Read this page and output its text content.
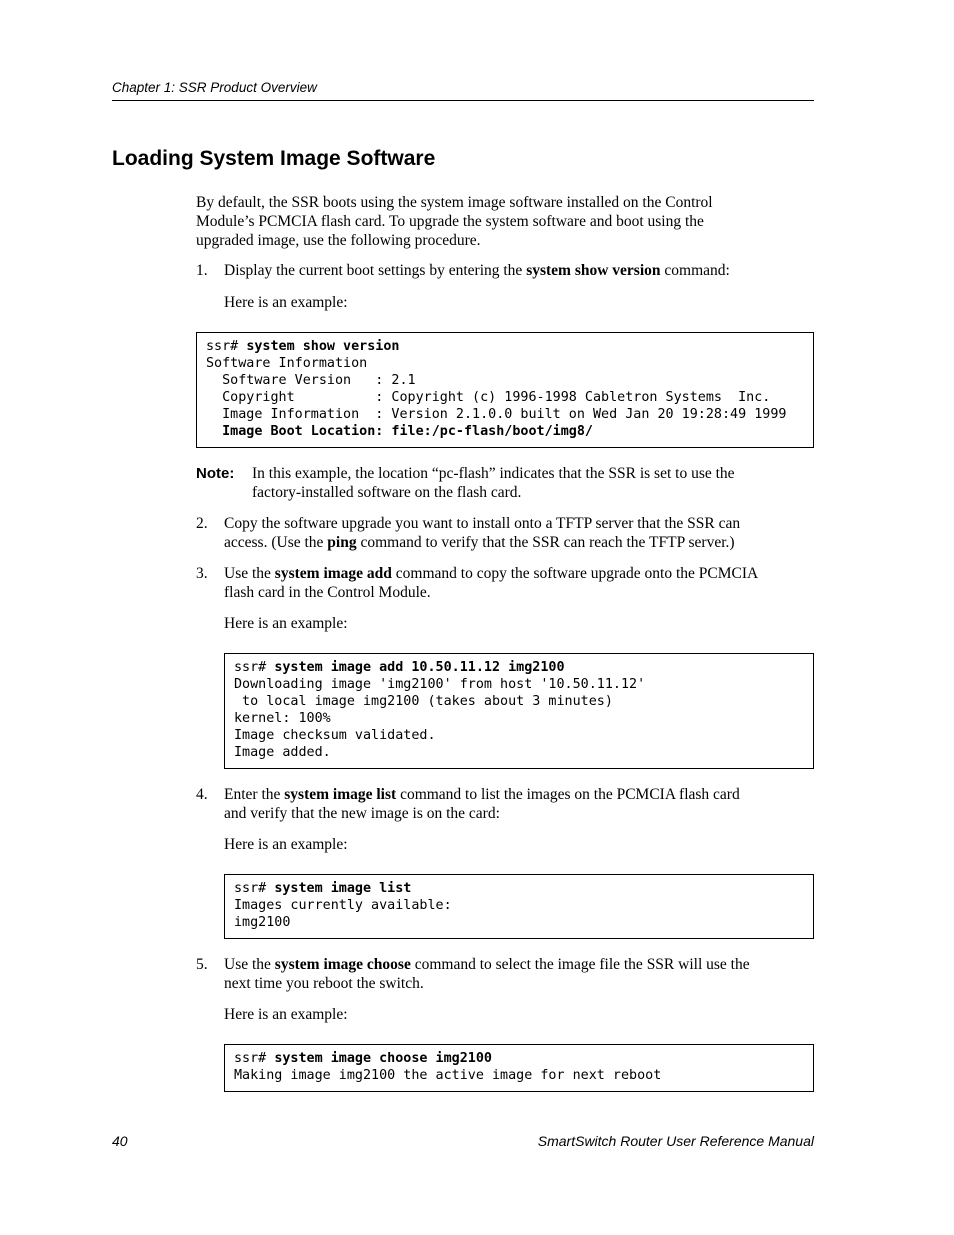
Chapter 1: SSR Product Overview
Loading System Image Software
By default, the SSR boots using the system image software installed on the Control
Module’s PCMCIA flash card. To upgrade the system software and boot using the
upgraded image, use the following procedure.
1. Display the current boot settings by entering the system show version command:
Here is an example:
ssr# system show version
Software Information
Software Version   : 2.1
Copyright          : Copyright (c) 1996-1998 Cabletron Systems  Inc.
Image Information  : Version 2.1.0.0 built on Wed Jan 20 19:28:49 1999
Image Boot Location: file:/pc-flash/boot/img8/
Note: In this example, the location “pc-flash” indicates that the SSR is set to use the
factory-installed software on the flash card.
2. Copy the software upgrade you want to install onto a TFTP server that the SSR can
access. (Use the ping command to verify that the SSR can reach the TFTP server.)
3. Use the system image add command to copy the software upgrade onto the PCMCIA
flash card in the Control Module.
Here is an example:
ssr# system image add 10.50.11.12 img2100
Downloading image 'img2100' from host '10.50.11.12'
to local image img2100 (takes about 3 minutes)
kernel: 100%
Image checksum validated.
Image added.
4. Enter the system image list command to list the images on the PCMCIA flash card
and verify that the new image is on the card:
Here is an example:
ssr# system image list
Images currently available:
img2100
5. Use the system image choose command to select the image file the SSR will use the
next time you reboot the switch.
Here is an example:
ssr# system image choose img2100
Making image img2100 the active image for next reboot
40	SmartSwitch Router User Reference Manual
